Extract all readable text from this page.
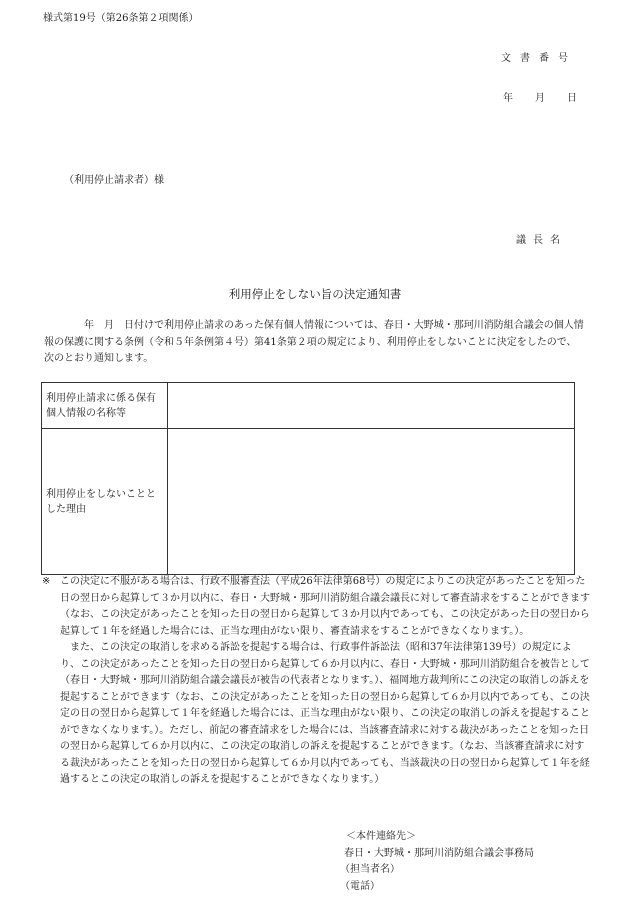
様式第19号（第26条第２項関係）
文書番号
年 月 日
（利用停止請求者）様
議長名
利用停止をしない旨の決定通知書
年　月　日付けで利用停止請求のあった保有個人情報については、春日・大野城・那珂川消防組合議会の個人情報の保護に関する条例（令和５年条例第４号）第41条第２項の規定により、利用停止をしないことに決定をしたので、次のとおり通知します。
利用停止請求に係る保有個人情報の名称等	
利用停止をしないこととした理由	
※ この決定に不服がある場合は、行政不服審査法（平成26年法律第68号）の規定によりこの決定があったことを知った日の翌日から起算して３か月以内に、春日・大野城・那珂川消防組合議会議長に対して審査請求をすることができます（なお、この決定があったことを知った日の翌日から起算して３か月以内であっても、この決定があった日の翌日から起算して１年を経過した場合には、正当な理由がない限り、審査請求をすることができなくなります。）。
また、この決定の取消しを求める訴訟を提起する場合は、行政事件訴訟法（昭和37年法律第139号）の規定により、この決定があったことを知った日の翌日から起算して６か月以内に、春日・大野城・那珂川消防組合を被告として（春日・大野城・那珂川消防組合議会議長が被告の代表者となります。）、福岡地方裁判所にこの決定の取消しの訴えを提起することができます（なお、この決定があったことを知った日の翌日から起算して６か月以内であっても、この決定の日の翌日から起算して１年を経過した場合には、正当な理由がない限り、この決定の取消しの訴えを提起することができなくなります。）。ただし、前記の審査請求をした場合には、当該審査請求に対する裁決があったことを知った日の翌日から起算して６か月以内に、この決定の取消しの訴えを提起することができます。（なお、当該審査請求に対する裁決があったことを知った日の翌日から起算して６か月以内であっても、当該裁決の日の翌日から起算して１年を経過するとこの決定の取消しの訴えを提起することができなくなります。）
＜本件連絡先＞
春日・大野城・那珂川消防組合議会事務局
（担当者名）
（電話）
